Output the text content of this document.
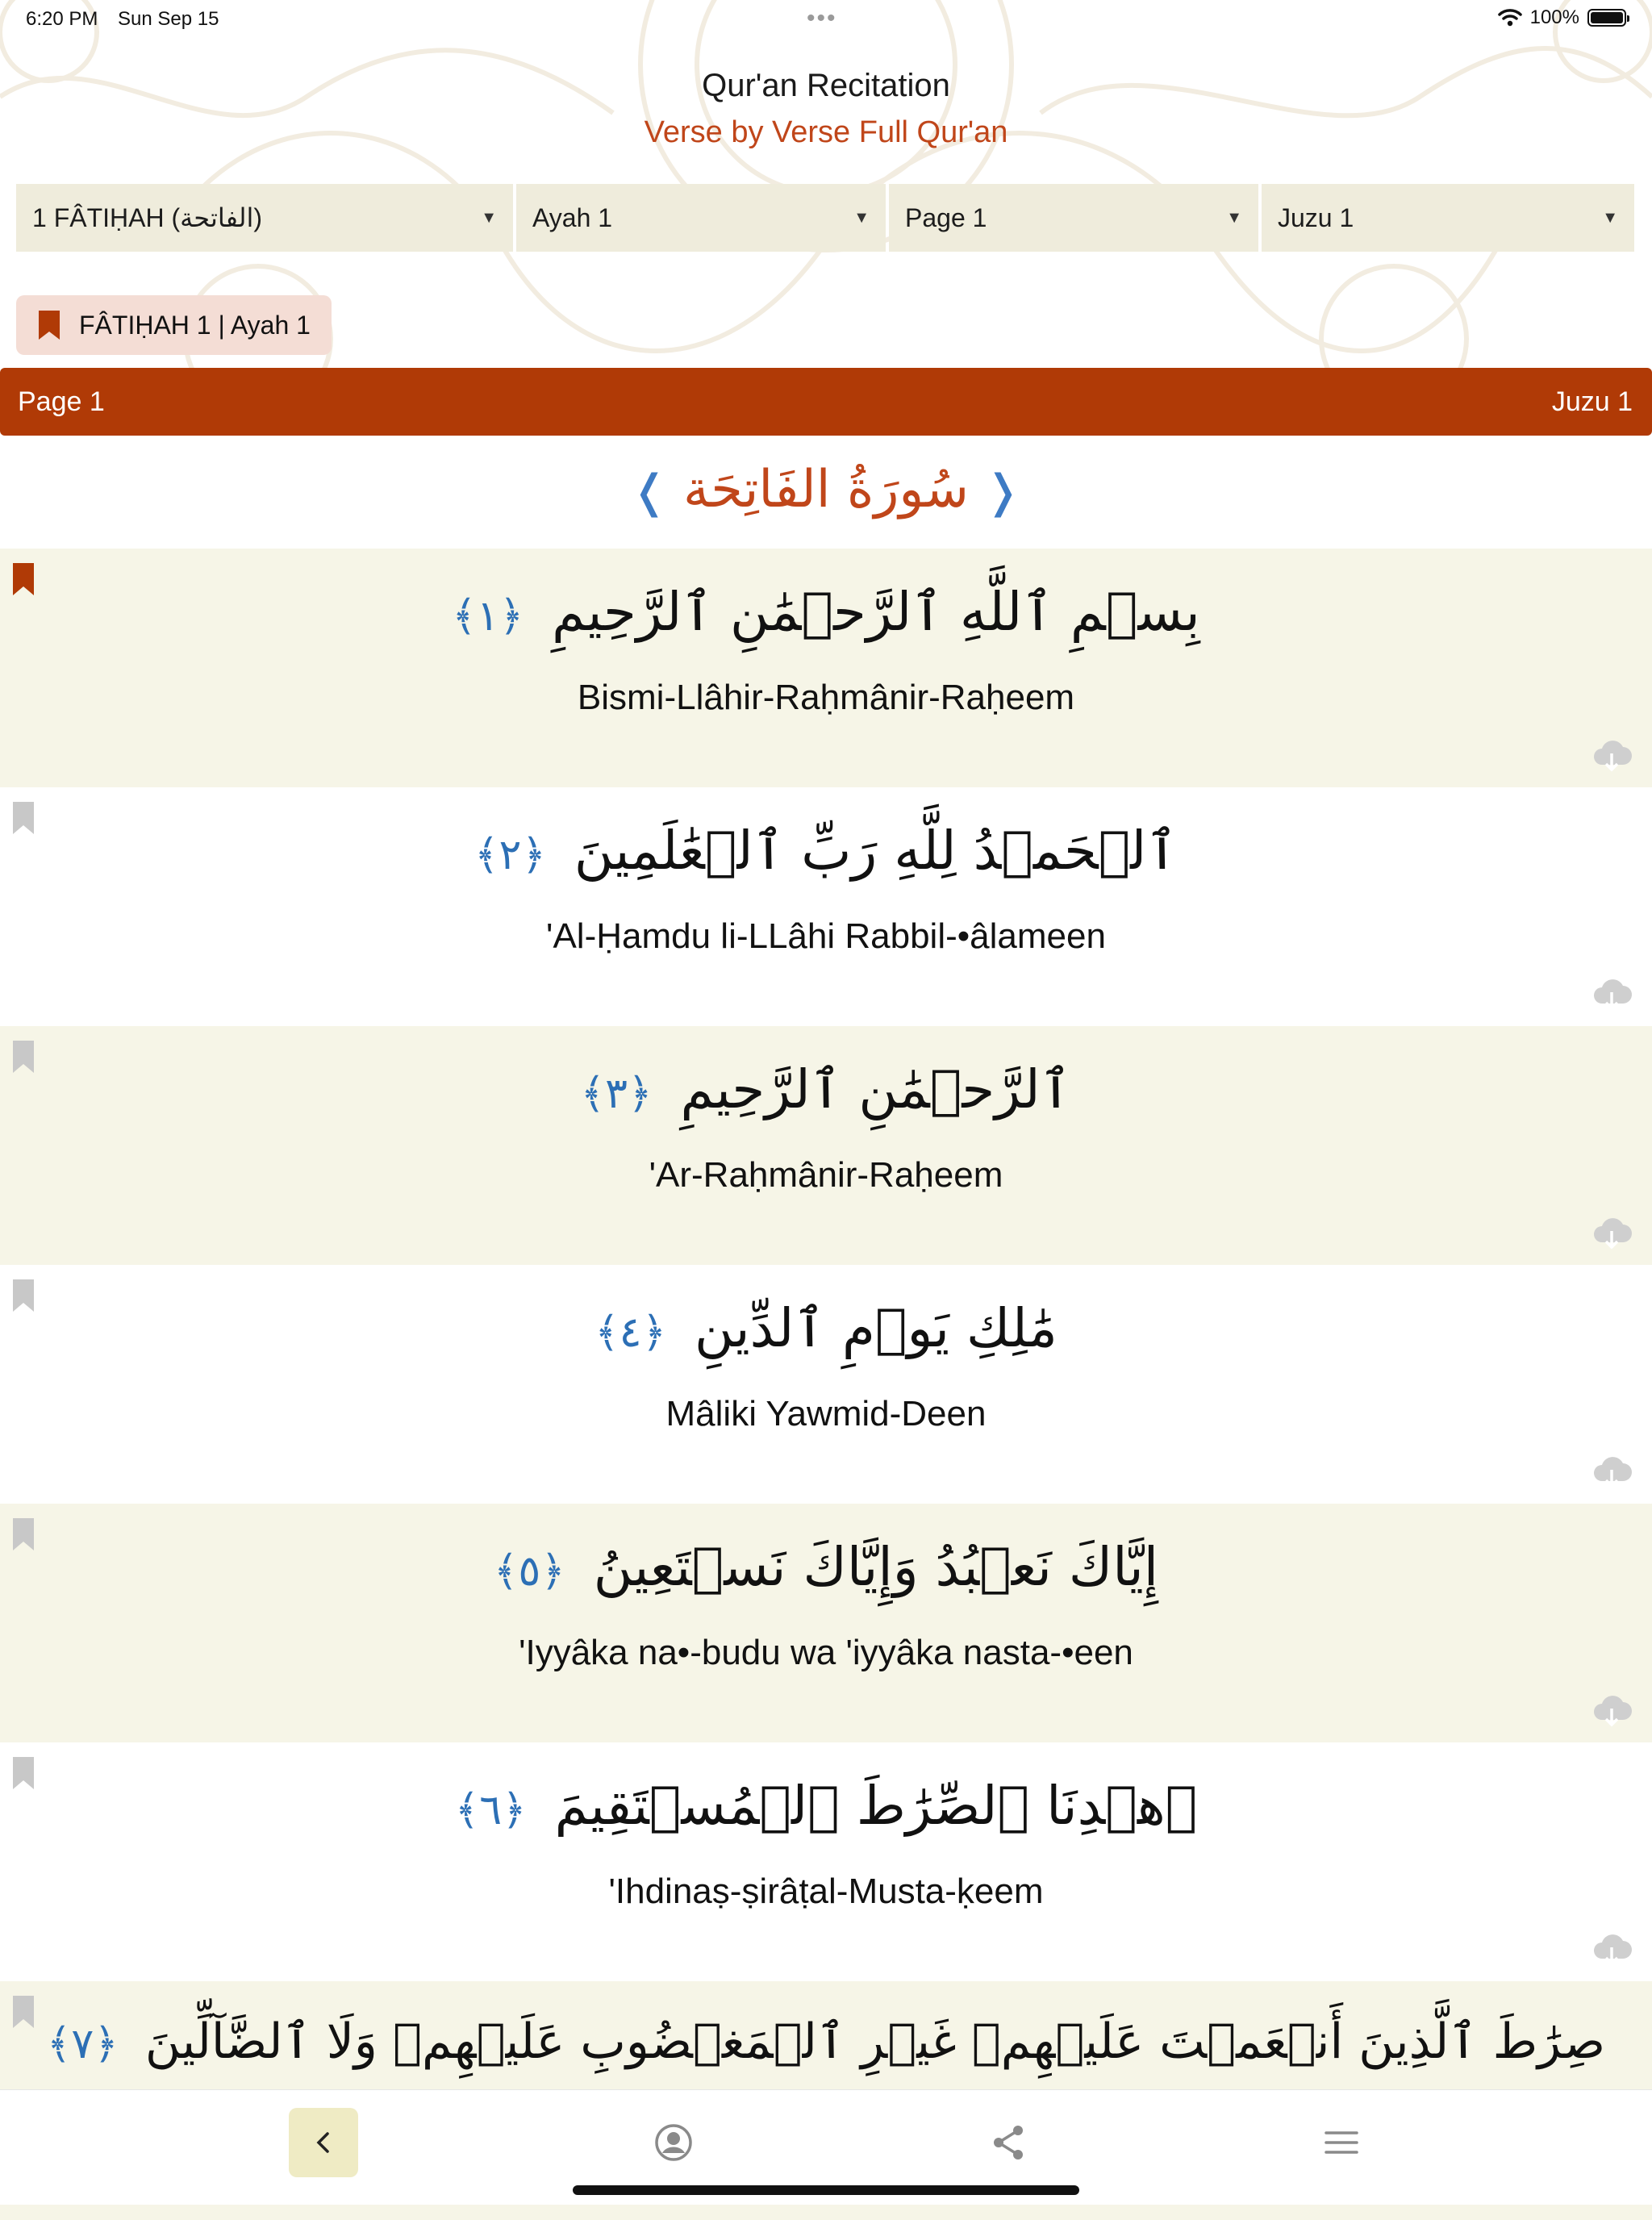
6:20 PM Sun Sep 15	•••	100%
Qur'an Recitation
Verse by Verse Full Qur'an
1 FÂTIḤAH (الفاتحة)	▼ Ayah 1	▼ Page 1	▼ Juzu 1	▼
FÂTIḤAH 1 | Ayah 1
Page 1	Juzu 1
❬ سُورَةُ الفَاتِحَة ❭
بِسۡمِ ٱللَّهِ ٱلرَّحۡمَٰنِ ٱلرَّحِيمِ ﴿١﴾
Bismi-Llâhir-Raḥmânir-Raḥeem
ٱلۡحَمۡدُ لِلَّهِ رَبِّ ٱلۡعَٰلَمِينَ ﴿٢﴾
'Al-Ḥamdu li-LLâhi Rabbil-•âlameen
ٱلرَّحۡمَٰنِ ٱلرَّحِيمِ ﴿٣﴾
'Ar-Raḥmânir-Raḥeem
مَٰلِكِ يَوۡمِ ٱلدِّينِ ﴿٤﴾
Mâliki Yawmid-Deen
إِيَّاكَ نَعۡبُدُ وَإِيَّاكَ نَسۡتَعِينُ ﴿٥﴾
'Iyyâka na•-budu wa 'iyyâka nasta-•een
ٱهۡدِنَا ٱلصِّرَٰطَ ٱلۡمُسۡتَقِيمَ ﴿٦﴾
'Ihdinaṣ-ṣirâṭal-Musta-ḳeem
صِرَٰطَ ٱلَّذِينَ أَنۡعَمۡتَ عَلَيۡهِمۡ غَيۡرِ ٱلۡمَغۡضُوبِ عَلَيۡهِمۡ وَلَا ٱلضَّآلِّينَ ﴿٧﴾
